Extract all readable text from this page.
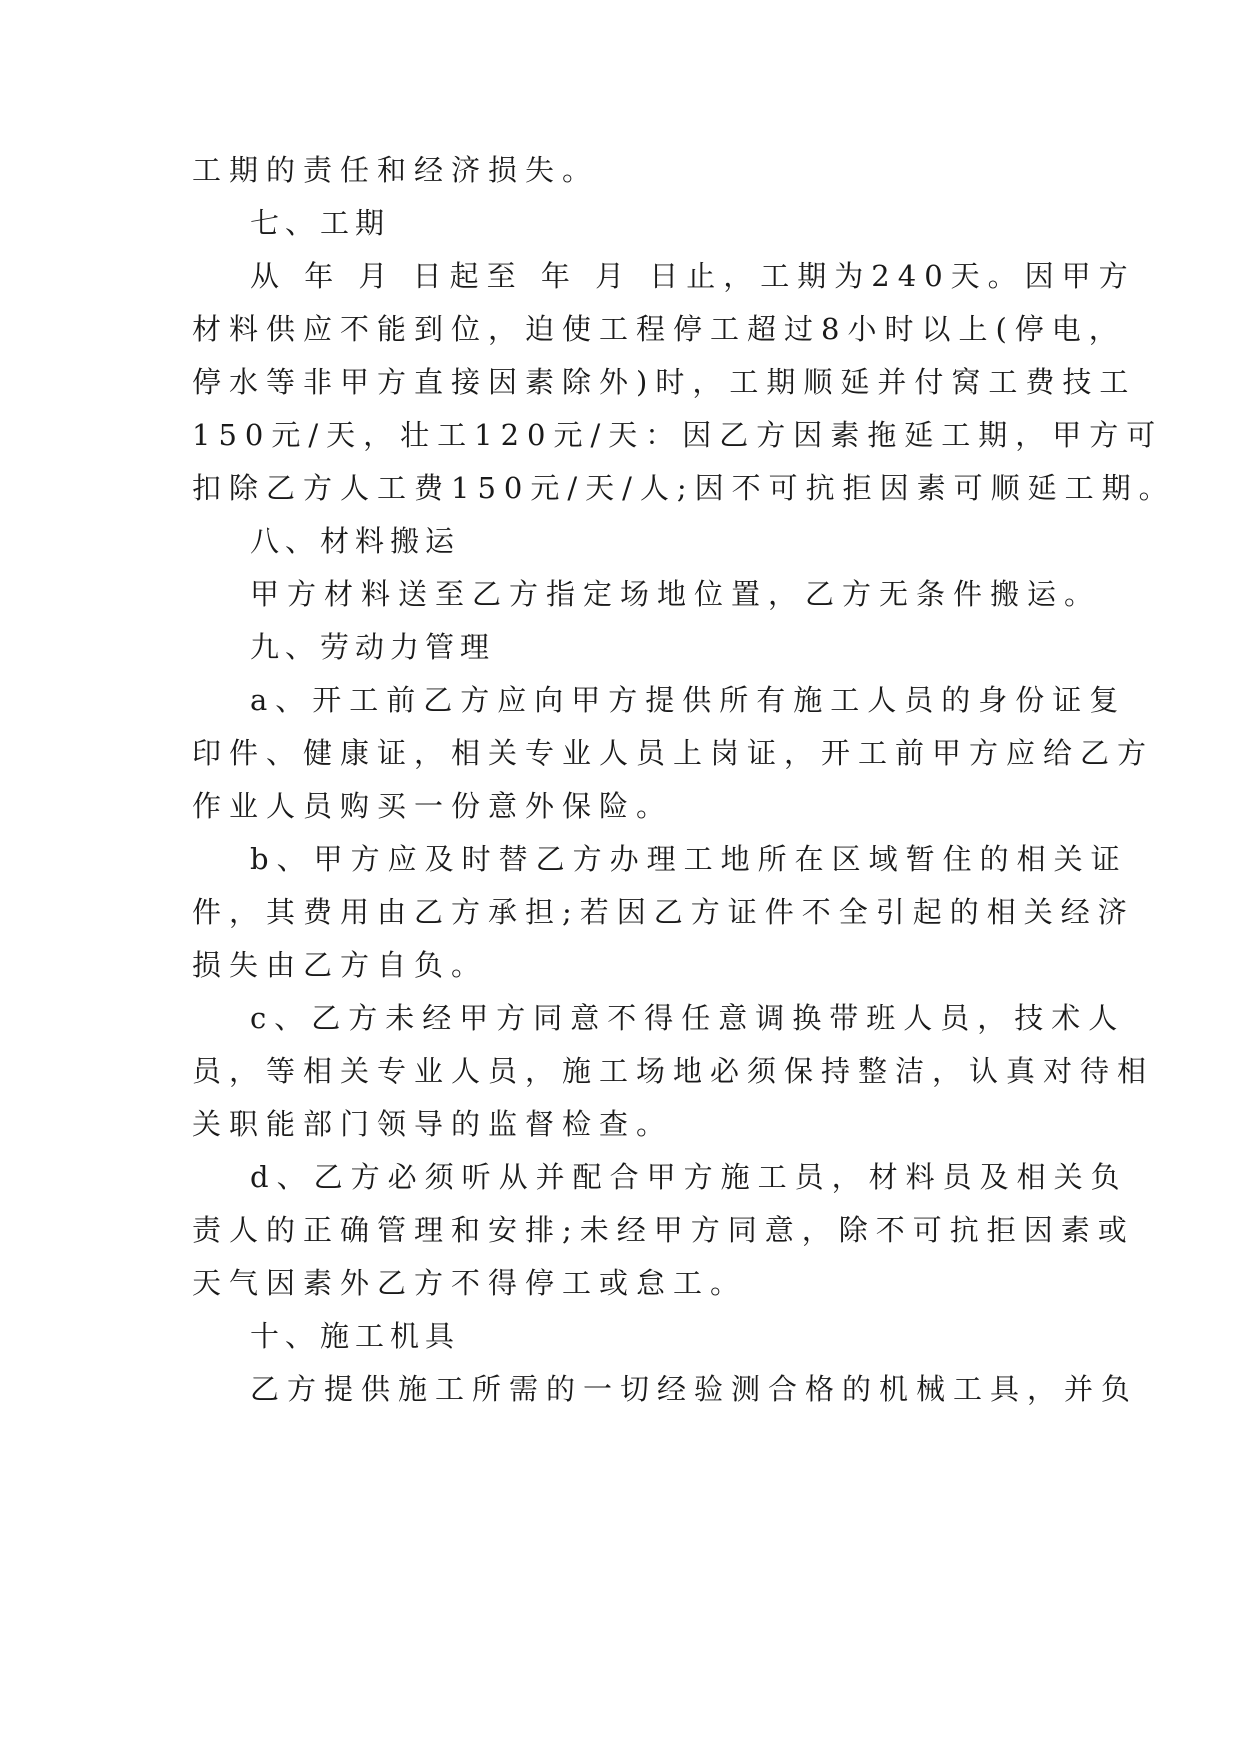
工期的责任和经济损失。
七、工期
从 年 月 日起至 年 月 日止，工期为240天。因甲方
材料供应不能到位，迫使工程停工超过8小时以上(停电，
停水等非甲方直接因素除外)时，工期顺延并付窝工费技工
150元/天，壮工120元/天：因乙方因素拖延工期，甲方可
扣除乙方人工费150元/天/人;因不可抗拒因素可顺延工期。
八、材料搬运
甲方材料送至乙方指定场地位置，乙方无条件搬运。
九、劳动力管理
a、开工前乙方应向甲方提供所有施工人员的身份证复
印件、健康证，相关专业人员上岗证，开工前甲方应给乙方
作业人员购买一份意外保险。
b、甲方应及时替乙方办理工地所在区域暂住的相关证
件，其费用由乙方承担;若因乙方证件不全引起的相关经济
损失由乙方自负。
c、乙方未经甲方同意不得任意调换带班人员，技术人
员，等相关专业人员，施工场地必须保持整洁，认真对待相
关职能部门领导的监督检查。
d、乙方必须听从并配合甲方施工员，材料员及相关负
责人的正确管理和安排;未经甲方同意，除不可抗拒因素或
天气因素外乙方不得停工或怠工。
十、施工机具
乙方提供施工所需的一切经验测合格的机械工具，并负
